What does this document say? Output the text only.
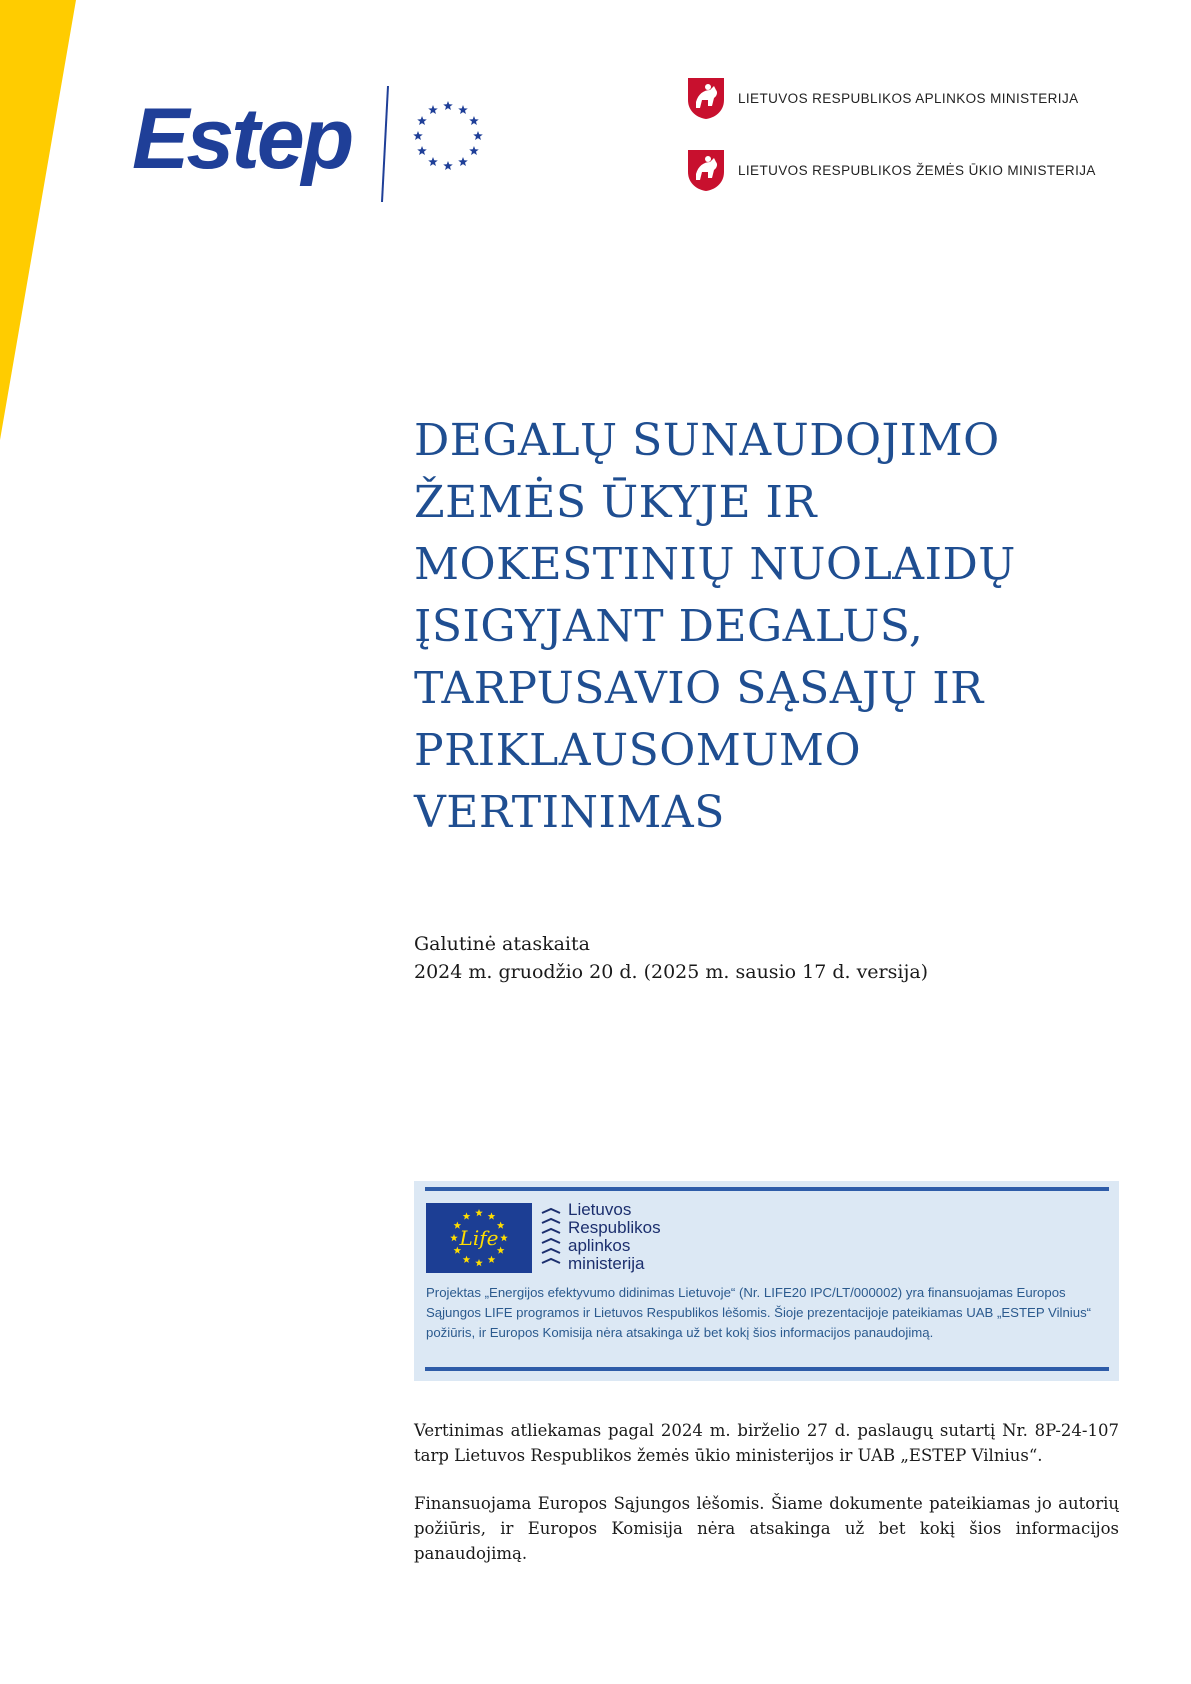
Estep	LIETUVOS RESPUBLIKOS APLINKOS MINISTERIJA
LIETUVOS RESPUBLIKOS ŽEMĖS ŪKIO MINISTERIJA
DEGALŲ SUNAUDOJIMO
ŽEMĖS ŪKYJE IR
MOKESTINIŲ NUOLAIDŲ
ĮSIGYJANT DEGALUS,
TARPUSAVIO SĄSAJŲ IR
PRIKLAUSOMUMO
VERTINIMAS
Galutinė ataskaita
2024 m. gruodžio 20 d. (2025 m. sausio 17 d. versija)
Life
Lietuvos
Respublikos
aplinkos
ministerija
Projektas „Energijos efektyvumo didinimas Lietuvoje“ (Nr. LIFE20 IPC/LT/000002) yra finansuojamas Europos Sąjungos LIFE programos ir Lietuvos Respublikos lėšomis. Šioje prezentacijoje pateikiamas UAB „ESTEP Vilnius“ požiūris, ir Europos Komisija nėra atsakinga už bet kokį šios informacijos panaudojimą.
Vertinimas atliekamas pagal 2024 m. birželio 27 d. paslaugų sutartį Nr. 8P-24-107 tarp Lietuvos Respublikos žemės ūkio ministerijos ir UAB „ESTEP Vilnius“.
Finansuojama Europos Sąjungos lėšomis. Šiame dokumente pateikiamas jo autorių požiūris, ir Europos Komisija nėra atsakinga už bet kokį šios informacijos panaudojimą.
